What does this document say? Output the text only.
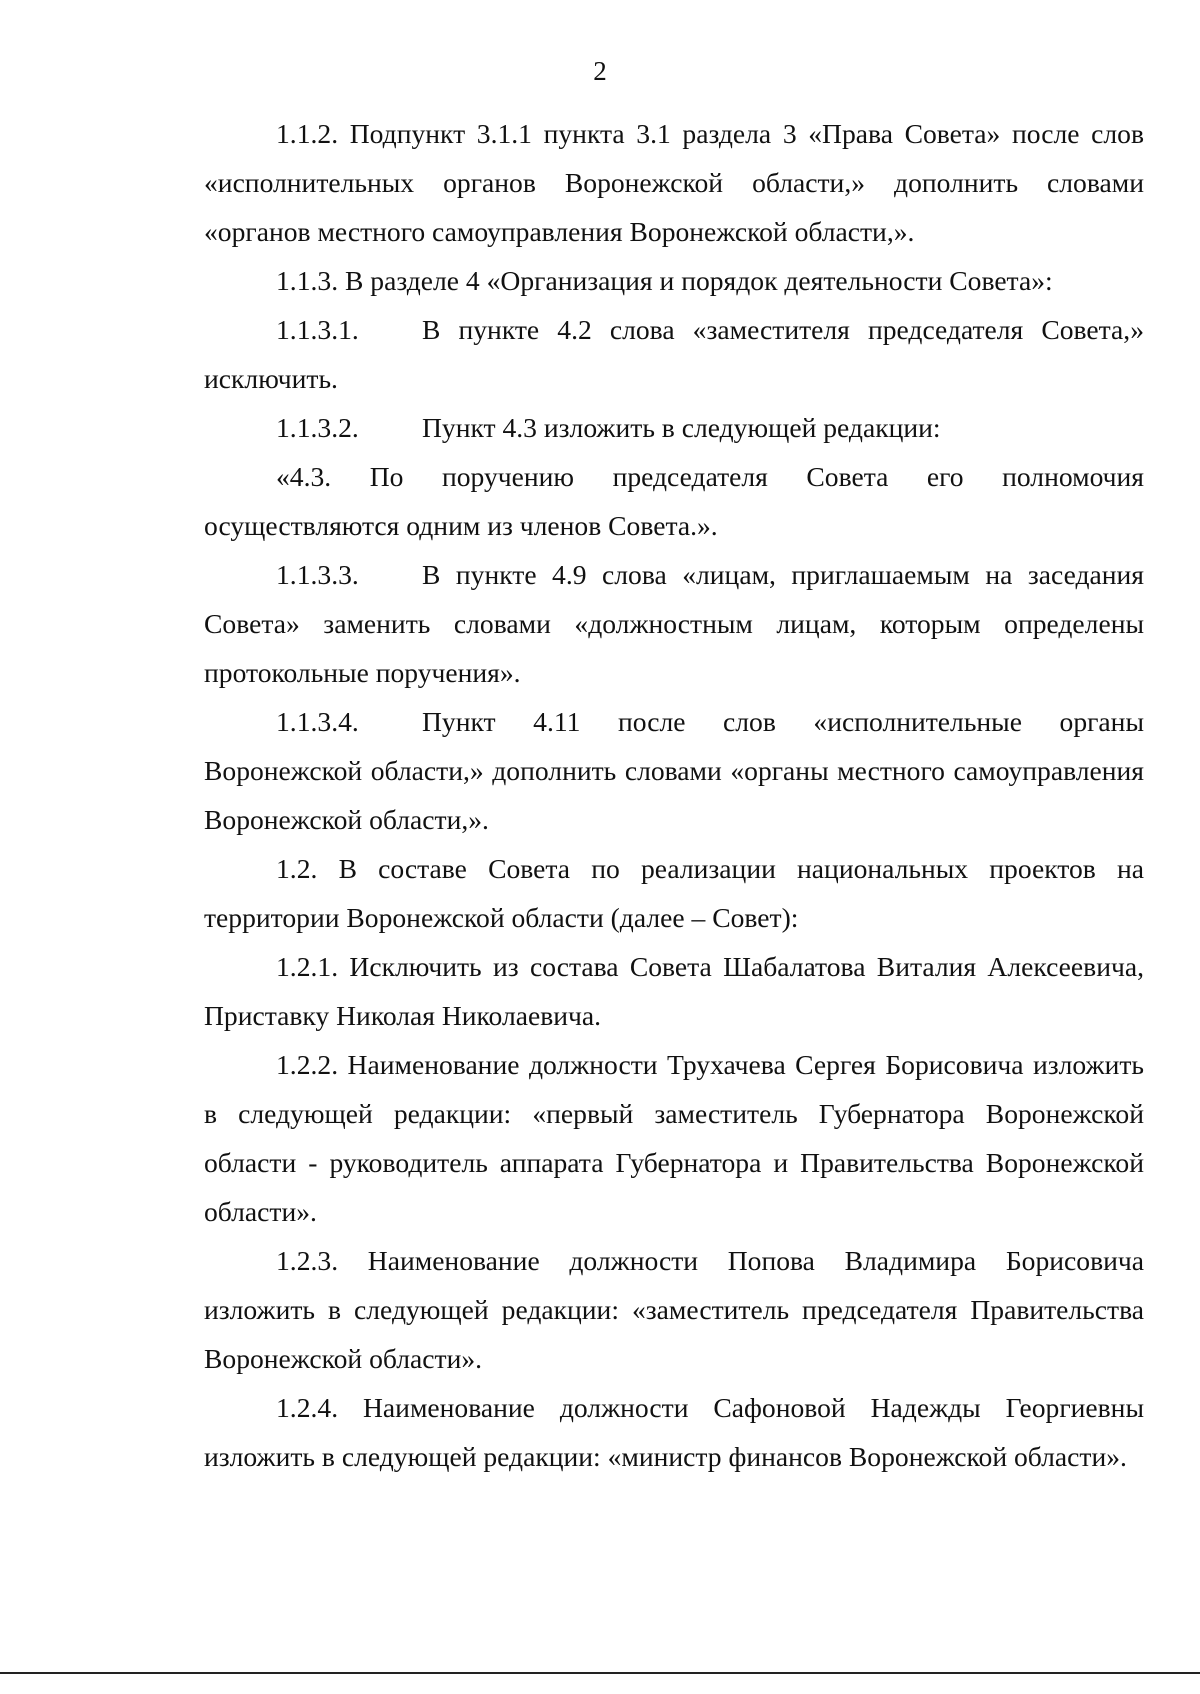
2

1.1.2. Подпункт 3.1.1 пункта 3.1 раздела 3 «Права Совета» после слов «исполнительных органов Воронежской области,» дополнить словами «органов местного самоуправления Воронежской области,».

1.1.3. В разделе 4 «Организация и порядок деятельности Совета»:

1.1.3.1. В пункте 4.2 слова «заместителя председателя Совета,» исключить.

1.1.3.2. Пункт 4.3 изложить в следующей редакции:

«4.3. По поручению председателя Совета его полномочия осуществляются одним из членов Совета.».

1.1.3.3. В пункте 4.9 слова «лицам, приглашаемым на заседания Совета» заменить словами «должностным лицам, которым определены протокольные поручения».

1.1.3.4. Пункт 4.11 после слов «исполнительные органы Воронежской области,» дополнить словами «органы местного самоуправления Воронежской области,».

1.2. В составе Совета по реализации национальных проектов на территории Воронежской области (далее – Совет):

1.2.1. Исключить из состава Совета Шабалатова Виталия Алексеевича, Приставку Николая Николаевича.

1.2.2. Наименование должности Трухачева Сергея Борисовича изложить в следующей редакции: «первый заместитель Губернатора Воронежской области - руководитель аппарата Губернатора и Правительства Воронежской области».

1.2.3. Наименование должности Попова Владимира Борисовича изложить в следующей редакции: «заместитель председателя Правительства Воронежской области».

1.2.4. Наименование должности Сафоновой Надежды Георгиевны изложить в следующей редакции: «министр финансов Воронежской области».
